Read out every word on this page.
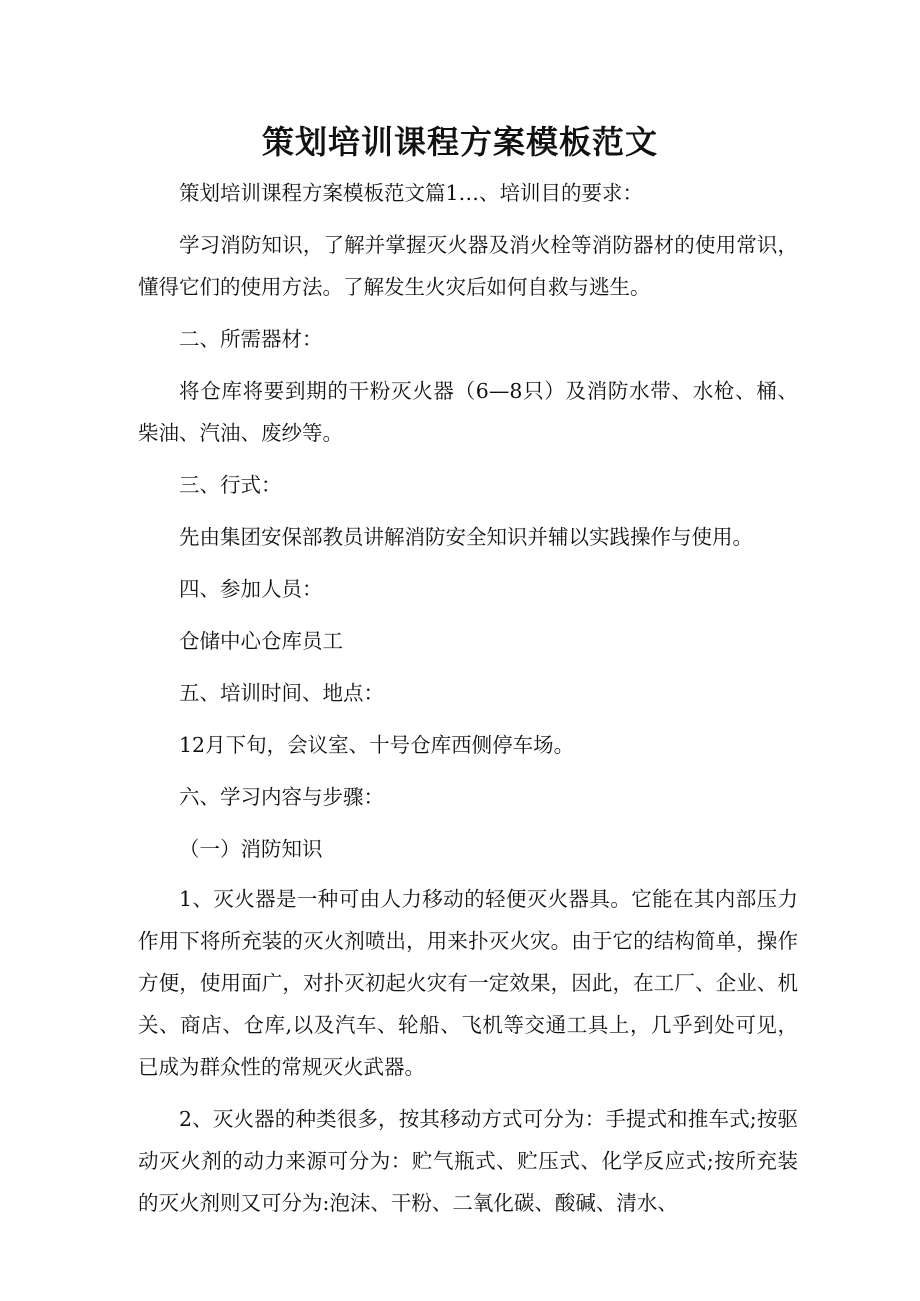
策划培训课程方案模板范文

策划培训课程方案模板范文篇1…、培训目的要求：

学习消防知识，了解并掌握灭火器及消火栓等消防器材的使用常识，懂得它们的使用方法。了解发生火灾后如何自救与逃生。

二、所需器材：

将仓库将要到期的干粉灭火器（6—8只）及消防水带、水枪、桶、柴油、汽油、废纱等。

三、行式：

先由集团安保部教员讲解消防安全知识并辅以实践操作与使用。

四、参加人员：

仓储中心仓库员工

五、培训时间、地点：

12月下旬，会议室、十号仓库西侧停车场。

六、学习内容与步骤：

（一）消防知识

1、灭火器是一种可由人力移动的轻便灭火器具。它能在其内部压力作用下将所充装的灭火剂喷出，用来扑灭火灾。由于它的结构简单，操作方便，使用面广，对扑灭初起火灾有一定效果，因此，在工厂、企业、机关、商店、仓库,以及汽车、轮船、飞机等交通工具上，几乎到处可见，已成为群众性的常规灭火武器。

2、灭火器的种类很多，按其移动方式可分为：手提式和推车式;按驱动灭火剂的动力来源可分为：贮气瓶式、贮压式、化学反应式;按所充装的灭火剂则又可分为:泡沫、干粉、二氧化碳、酸碱、清水、
